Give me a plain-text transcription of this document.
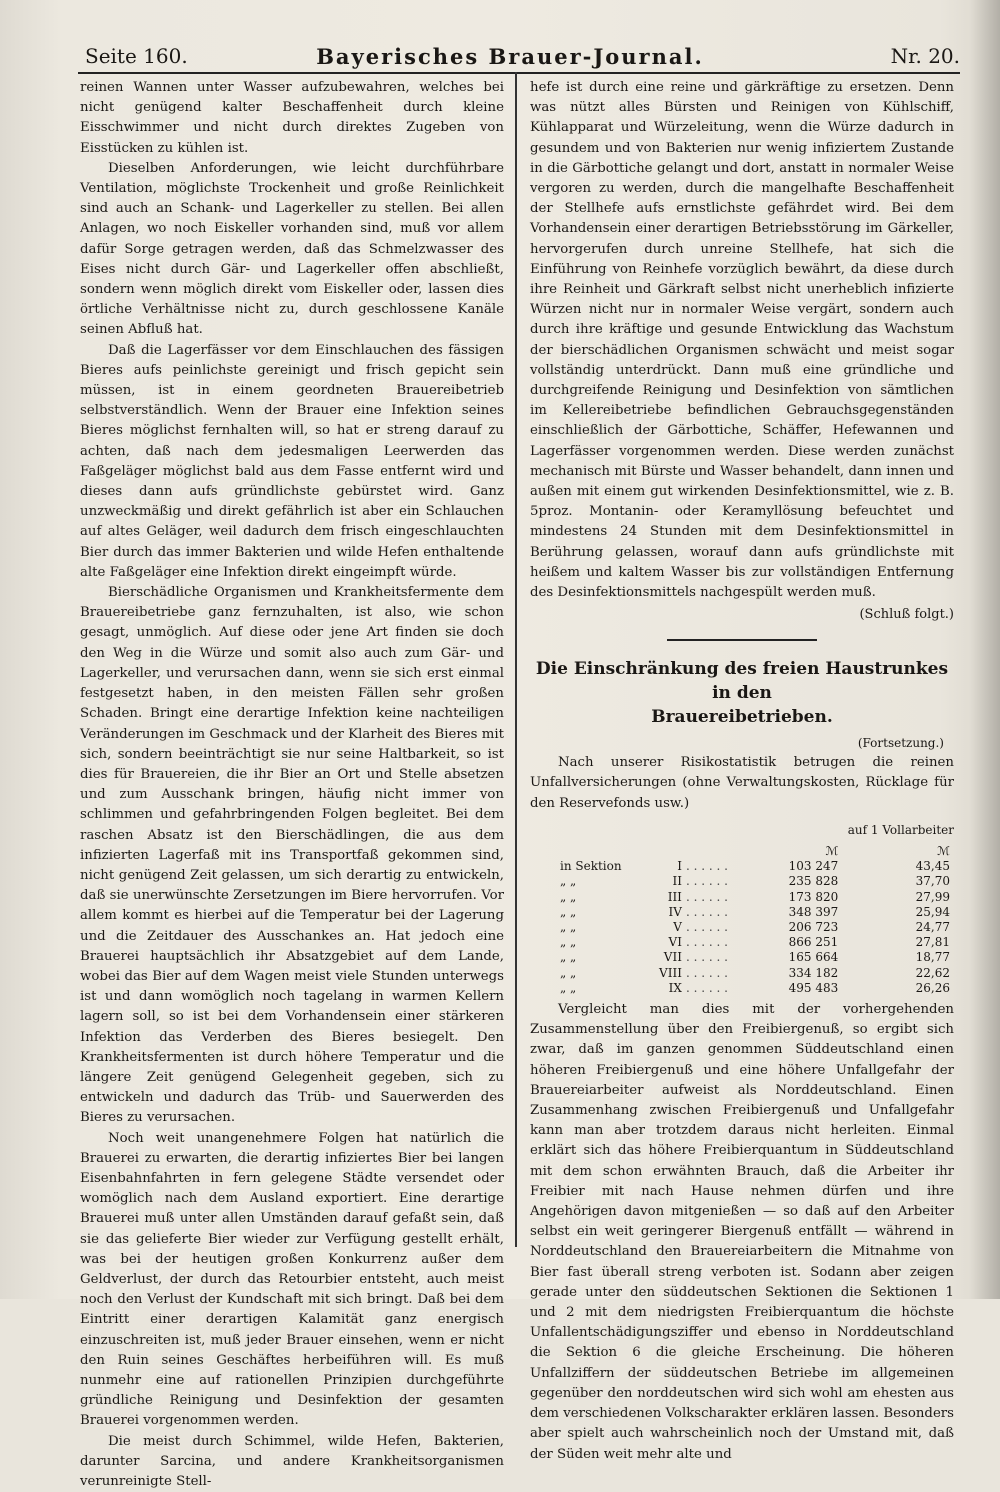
Seite 160.	Bayerisches Brauer-Journal.	Nr. 20.

reinen Wannen unter Wasser aufzubewahren, welches bei nicht genügend kalter Beschaffenheit durch kleine Eisschwimmer und nicht durch direktes Zugeben von Eisstücken zu kühlen ist.

Dieselben Anforderungen, wie leicht durchführbare Ventilation, möglichste Trockenheit und große Reinlichkeit sind auch an Schank- und Lagerkeller zu stellen. Bei allen Anlagen, wo noch Eiskeller vorhanden sind, muß vor allem dafür Sorge getragen werden, daß das Schmelzwasser des Eises nicht durch Gär- und Lagerkeller offen abschließt, sondern wenn möglich direkt vom Eiskeller oder, lassen dies örtliche Verhältnisse nicht zu, durch geschlossene Kanäle seinen Abfluß hat.

Daß die Lagerfässer vor dem Einschlauchen des fässigen Bieres aufs peinlichste gereinigt und frisch gepicht sein müssen, ist in einem geordneten Brauereibetrieb selbstverständlich. Wenn der Brauer eine Infektion seines Bieres möglichst fernhalten will, so hat er streng darauf zu achten, daß nach dem jedesmaligen Leerwerden das Faßgeläger möglichst bald aus dem Fasse entfernt wird und dieses dann aufs gründlichste gebürstet wird. Ganz unzweckmäßig und direkt gefährlich ist aber ein Schlauchen auf altes Geläger, weil dadurch dem frisch eingeschlauchten Bier durch das immer Bakterien und wilde Hefen enthaltende alte Faßgeläger eine Infektion direkt eingeimpft würde.

Bierschädliche Organismen und Krankheitsfermente dem Brauereibetriebe ganz fernzuhalten, ist also, wie schon gesagt, unmöglich. Auf diese oder jene Art finden sie doch den Weg in die Würze und somit also auch zum Gär- und Lagerkeller, und verursachen dann, wenn sie sich erst einmal festgesetzt haben, in den meisten Fällen sehr großen Schaden. Bringt eine derartige Infektion keine nachteiligen Veränderungen im Geschmack und der Klarheit des Bieres mit sich, sondern beeinträchtigt sie nur seine Haltbarkeit, so ist dies für Brauereien, die ihr Bier an Ort und Stelle absetzen und zum Ausschank bringen, häufig nicht immer von schlimmen und gefahrbringenden Folgen begleitet. Bei dem raschen Absatz ist den Bierschädlingen, die aus dem infizierten Lagerfaß mit ins Transportfaß gekommen sind, nicht genügend Zeit gelassen, um sich derartig zu entwickeln, daß sie unerwünschte Zersetzungen im Biere hervorrufen. Vor allem kommt es hierbei auf die Temperatur bei der Lagerung und die Zeitdauer des Ausschankes an. Hat jedoch eine Brauerei hauptsächlich ihr Absatzgebiet auf dem Lande, wobei das Bier auf dem Wagen meist viele Stunden unterwegs ist und dann womöglich noch tagelang in warmen Kellern lagern soll, so ist bei dem Vorhandensein einer stärkeren Infektion das Verderben des Bieres besiegelt. Den Krankheitsfermenten ist durch höhere Temperatur und die längere Zeit genügend Gelegenheit gegeben, sich zu entwickeln und dadurch das Trüb- und Sauerwerden des Bieres zu verursachen.

Noch weit unangenehmere Folgen hat natürlich die Brauerei zu erwarten, die derartig infiziertes Bier bei langen Eisenbahnfahrten in fern gelegene Städte versendet oder womöglich nach dem Ausland exportiert. Eine derartige Brauerei muß unter allen Umständen darauf gefaßt sein, daß sie das gelieferte Bier wieder zur Verfügung gestellt erhält, was bei der heutigen großen Konkurrenz außer dem Geldverlust, der durch das Retourbier entsteht, auch meist noch den Verlust der Kundschaft mit sich bringt. Daß bei dem Eintritt einer derartigen Kalamität ganz energisch einzuschreiten ist, muß jeder Brauer einsehen, wenn er nicht den Ruin seines Geschäftes herbeiführen will. Es muß nunmehr eine auf rationellen Prinzipien durchgeführte gründliche Reinigung und Desinfektion der gesamten Brauerei vorgenommen werden.

Die meist durch Schimmel, wilde Hefen, Bakterien, darunter Sarcina, und andere Krankheitsorganismen verunreinigte Stell-

hefe ist durch eine reine und gärkräftige zu ersetzen. Denn was nützt alles Bürsten und Reinigen von Kühlschiff, Kühlapparat und Würzeleitung, wenn die Würze dadurch in gesundem und von Bakterien nur wenig infiziertem Zustande in die Gärbottiche gelangt und dort, anstatt in normaler Weise vergoren zu werden, durch die mangelhafte Beschaffenheit der Stellhefe aufs ernstlichste gefährdet wird. Bei dem Vorhandensein einer derartigen Betriebsstörung im Gärkeller, hervorgerufen durch unreine Stellhefe, hat sich die Einführung von Reinhefe vorzüglich bewährt, da diese durch ihre Reinheit und Gärkraft selbst nicht unerheblich infizierte Würzen nicht nur in normaler Weise vergärt, sondern auch durch ihre kräftige und gesunde Entwicklung das Wachstum der bierschädlichen Organismen schwächt und meist sogar vollständig unterdrückt. Dann muß eine gründliche und durchgreifende Reinigung und Desinfektion von sämtlichen im Kellereibetriebe befindlichen Gebrauchsgegenständen einschließlich der Gärbottiche, Schäffer, Hefewannen und Lagerfässer vorgenommen werden. Diese werden zunächst mechanisch mit Bürste und Wasser behandelt, dann innen und außen mit einem gut wirkenden Desinfektionsmittel, wie z. B. 5proz. Montanin- oder Keramyllösung befeuchtet und mindestens 24 Stunden mit dem Desinfektionsmittel in Berührung gelassen, worauf dann aufs gründlichste mit heißem und kaltem Wasser bis zur vollständigen Entfernung des Desinfektionsmittels nachgespült werden muß.

(Schluß folgt.)
Die Einschränkung des freien Haustrunkes in den
Brauereibetrieben.
(Fortsetzung.)

Nach unserer Risikostatistik betrugen die reinen Unfallversicherungen (ohne Verwaltungskosten, Rücklage für den Reservefonds usw.)

auf 1 Vollarbeiter
			ℳ	ℳ
in Sektion	I	. . . . . .	103 247	43,45
„ „	II	. . . . . .	235 828	37,70
„ „	III	. . . . . .	173 820	27,99
„ „	IV	. . . . . .	348 397	25,94
„ „	V	. . . . . .	206 723	24,77
„ „	VI	. . . . . .	866 251	27,81
„ „	VII	. . . . . .	165 664	18,77
„ „	VIII	. . . . . .	334 182	22,62
„ „	IX	. . . . . .	495 483	26,26

Vergleicht man dies mit der vorhergehenden Zusammenstellung über den Freibiergenuß, so ergibt sich zwar, daß im ganzen genommen Süddeutschland einen höheren Freibiergenuß und eine höhere Unfallgefahr der Brauereiarbeiter aufweist als Norddeutschland. Einen Zusammenhang zwischen Freibiergenuß und Unfallgefahr kann man aber trotzdem daraus nicht herleiten. Einmal erklärt sich das höhere Freibierquantum in Süddeutschland mit dem schon erwähnten Brauch, daß die Arbeiter ihr Freibier mit nach Hause nehmen dürfen und ihre Angehörigen davon mitgenießen — so daß auf den Arbeiter selbst ein weit geringerer Biergenuß entfällt — während in Norddeutschland den Brauereiarbeitern die Mitnahme von Bier fast überall streng verboten ist. Sodann aber zeigen gerade unter den süddeutschen Sektionen die Sektionen 1 und 2 mit dem niedrigsten Freibierquantum die höchste Unfallentschädigungsziffer und ebenso in Norddeutschland die Sektion 6 die gleiche Erscheinung. Die höheren Unfallziffern der süddeutschen Betriebe im allgemeinen gegenüber den norddeutschen wird sich wohl am ehesten aus dem verschiedenen Volkscharakter erklären lassen. Besonders aber spielt auch wahrscheinlich noch der Umstand mit, daß der Süden weit mehr alte und
